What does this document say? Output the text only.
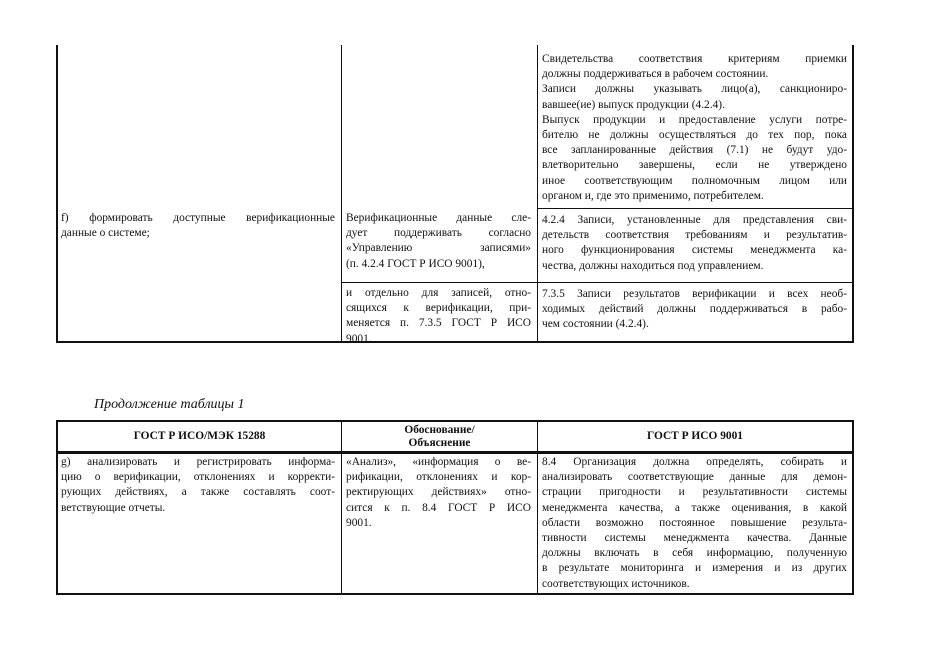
Свидетельства соответствия критериям приемки
должны поддерживаться в рабочем состоянии.
Записи должны указывать лицо(а), санкциониро-
вавшее(ие) выпуск продукции (4.2.4).
Выпуск продукции и предоставление услуги потре-
бителю не должны осуществляться до тех пор, пока
все запланированные действия (7.1) не будут удо-
влетворительно завершены, если не утверждено
иное соответствующим полномочным лицом или
органом и, где это применимо, потребителем.
f) формировать доступные верификационные
данные о системе;
Верификационные данные сле-
дует поддерживать согласно
«Управлению записями»
(п. 4.2.4 ГОСТ Р ИСО 9001),
и отдельно для записей, отно-
сящихся к верификации, при-
меняется п. 7.3.5 ГОСТ Р ИСО
9001.
4.2.4 Записи, установленные для представления сви-
детельств соответствия требованиям и результатив-
ного функционирования системы менеджмента ка-
чества, должны находиться под управлением.
7.3.5 Записи результатов верификации и всех необ-
ходимых действий должны поддерживаться в рабо-
чем состоянии (4.2.4).
Продолжение таблицы 1
ГОСТ Р ИСО/МЭК 15288	Обоснование/
Объяснение
ГОСТ Р ИСО 9001
g) анализировать и регистрировать информа-
цию о верификации, отклонениях и корректи-
рующих действиях, а также составлять соот-
ветствующие отчеты.
«Анализ», «информация о ве-
рификации, отклонениях и кор-
ректирующих действиях» отно-
сится к п. 8.4 ГОСТ Р ИСО
9001.
8.4 Организация должна определять, собирать и
анализировать соответствующие данные для демон-
страции пригодности и результативности системы
менеджмента качества, а также оценивания, в какой
области возможно постоянное повышение результа-
тивности системы менеджмента качества. Данные
должны включать в себя информацию, полученную
в результате мониторинга и измерения и из других
соответствующих источников.
